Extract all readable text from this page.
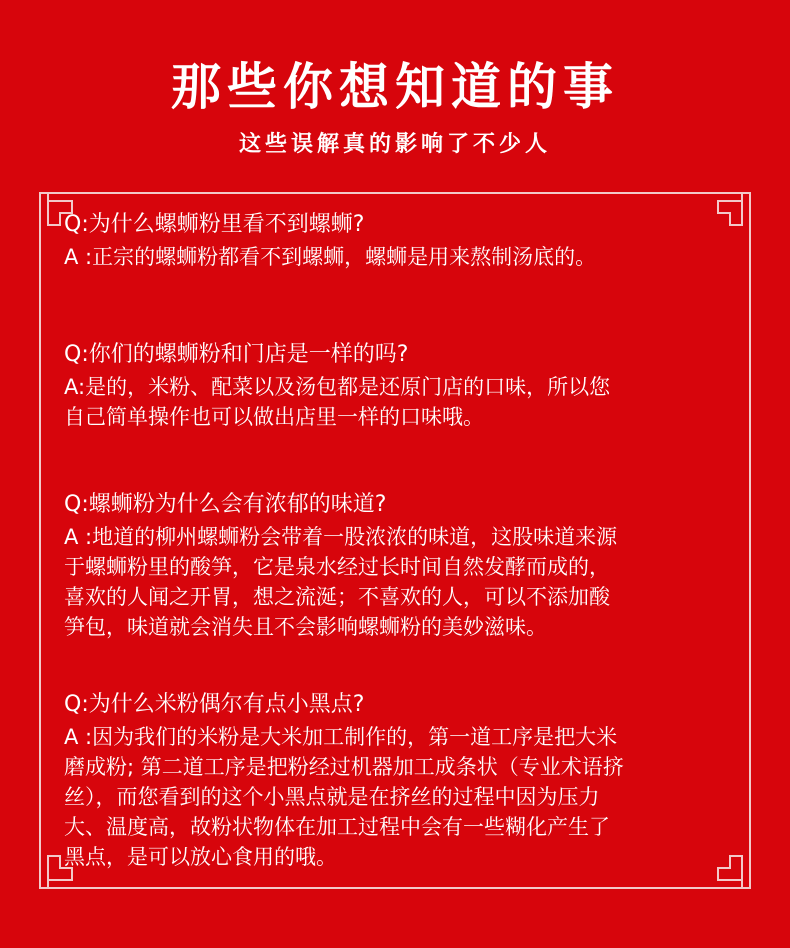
那些你想知道的事
这些误解真的影响了不少人

Q:为什么螺蛳粉里看不到螺蛳?

A :正宗的螺蛳粉都看不到螺蛳，螺蛳是用来熬制汤底的。

Q:你们的螺蛳粉和门店是一样的吗?

A:是的，米粉、配菜以及汤包都是还原门店的口味，所以您
自己简单操作也可以做出店里一样的口味哦。

Q:螺蛳粉为什么会有浓郁的味道?

A :地道的柳州螺蛳粉会带着一股浓浓的味道，这股味道来源
于螺蛳粉里的酸笋，它是泉水经过长时间自然发酵而成的，
喜欢的人闻之开胃，想之流涎；不喜欢的人，可以不添加酸
笋包，味道就会消失且不会影响螺蛳粉的美妙滋味。

Q:为什么米粉偶尔有点小黑点?

A :因为我们的米粉是大米加工制作的，第一道工序是把大米
磨成粉; 第二道工序是把粉经过机器加工成条状（专业术语挤
丝），而您看到的这个小黑点就是在挤丝的过程中因为压力
大、温度高，故粉状物体在加工过程中会有一些糊化产生了
黑点，是可以放心食用的哦。
